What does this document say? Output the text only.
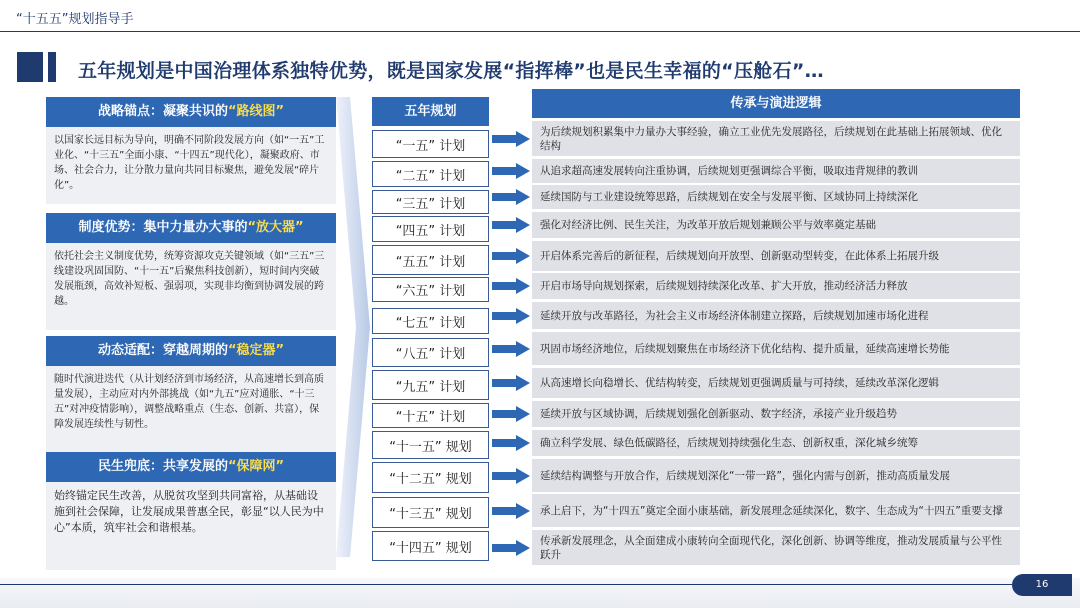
“十五五”规划指导手
五年规划是中国治理体系独特优势，既是国家发展“指挥棒”也是民生幸福的“压舱石”…
战略锚点：凝聚共识的“路线图”
以国家长远目标为导向，明确不同阶段发展方向（如“一五”工业化、“十三五”全面小康、“十四五”现代化），凝聚政府、市场、社会合力，让分散力量向共同目标聚焦，避免发展“碎片化”。
制度优势：集中力量办大事的“放大器”
依托社会主义制度优势，统筹资源攻克关键领域（如“三五”三线建设巩固国防、“十一五”后聚焦科技创新），短时间内突破发展瓶颈，高效补短板、强弱项，实现非均衡到协调发展的跨越。
动态适配：穿越周期的“稳定器”
随时代演进迭代（从计划经济到市场经济，从高速增长到高质量发展），主动应对内外部挑战（如“九五”应对通胀、“十三五”对冲疫情影响），调整战略重点（生态、创新、共富），保障发展连续性与韧性。
民生兜底：共享发展的“保障网”
始终锚定民生改善，从脱贫攻坚到共同富裕，从基础设施到社会保障，让发展成果普惠全民，彰显“以人民为中心”本质，筑牢社会和谐根基。
五年规划
“一五” 计划
“二五” 计划
“三五” 计划
“四五” 计划
“五五” 计划
“六五” 计划
“七五” 计划
“八五” 计划
“九五” 计划
“十五” 计划
“十一五” 规划
“十二五” 规划
“十三五” 规划
“十四五” 规划
传承与演进逻辑
为后续规划积累集中力量办大事经验，确立工业优先发展路径，后续规划在此基础上拓展领域、优化结构
从追求超高速发展转向注重协调，后续规划更强调综合平衡，吸取违背规律的教训
延续国防与工业建设统筹思路，后续规划在安全与发展平衡、区域协同上持续深化
强化对经济比例、民生关注，为改革开放后规划兼顾公平与效率奠定基础
开启体系完善后的新征程，后续规划向开放型、创新驱动型转变，在此体系上拓展升级
开启市场导向规划探索，后续规划持续深化改革、扩大开放，推动经济活力释放
延续开放与改革路径，为社会主义市场经济体制建立探路，后续规划加速市场化进程
巩固市场经济地位，后续规划聚焦在市场经济下优化结构、提升质量，延续高速增长势能
从高速增长向稳增长、优结构转变，后续规划更强调质量与可持续，延续改革深化逻辑
延续开放与区域协调，后续规划强化创新驱动、数字经济，承接产业升级趋势
确立科学发展、绿色低碳路径，后续规划持续强化生态、创新权重，深化城乡统筹
延续结构调整与开放合作，后续规划深化“一带一路”，强化内需与创新，推动高质量发展
承上启下，为“十四五”奠定全面小康基础，新发展理念延续深化，数字、生态成为“十四五”重要支撑
传承新发展理念，从全面建成小康转向全面现代化，深化创新、协调等维度，推动发展质量与公平性跃升
16
